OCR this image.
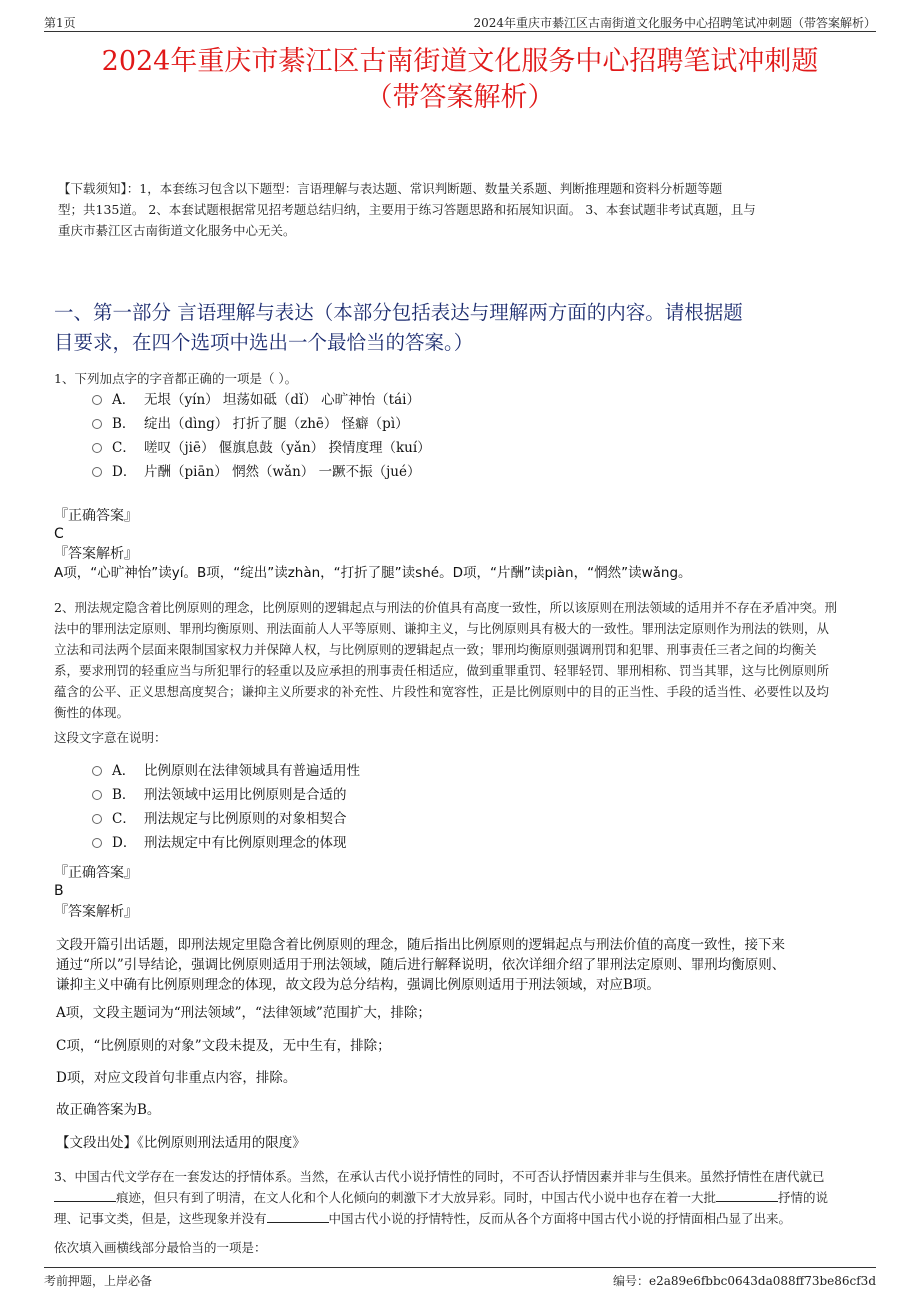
第1页	2024年重庆市綦江区古南街道文化服务中心招聘笔试冲刺题（带答案解析）
2024年重庆市綦江区古南街道文化服务中心招聘笔试冲刺题
（带答案解析）
【下载须知】：1，本套练习包含以下题型：言语理解与表达题、常识判断题、数量关系题、判断推理题和资料分析题等题
型；共135道。 2、本套试题根据常见招考题总结归纳，主要用于练习答题思路和拓展知识面。 3、本套试题非考试真题，且与
重庆市綦江区古南街道文化服务中心无关。
一、第一部分 言语理解与表达（本部分包括表达与理解两方面的内容。请根据题
目要求，在四个选项中选出一个最恰当的答案。）
1、下列加点字的字音都正确的一项是（ ）。
A． 无垠（yín） 坦荡如砥（dǐ） 心旷神怡（tái）
B． 绽出（dìng） 打折了腿（zhē） 怪癖（pì）
C． 嗟叹（jiē） 偃旗息鼓（yǎn） 揆情度理（kuí）
D． 片酬（piān） 惘然（wǎn） 一蹶不振（jué）
『正确答案』
C
『答案解析』
A项，“心旷神怡”读yí。B项，“绽出”读zhàn，“打折了腿”读shé。D项，“片酬”读piàn，“惘然”读wǎng。
2、刑法规定隐含着比例原则的理念，比例原则的逻辑起点与刑法的价值具有高度一致性，所以该原则在刑法领域的适用并不存在矛盾冲突。刑
法中的罪刑法定原则、罪刑均衡原则、刑法面前人人平等原则、谦抑主义，与比例原则具有极大的一致性。罪刑法定原则作为刑法的铁则，从
立法和司法两个层面来限制国家权力并保障人权，与比例原则的逻辑起点一致；罪刑均衡原则强调刑罚和犯罪、刑事责任三者之间的均衡关
系，要求刑罚的轻重应当与所犯罪行的轻重以及应承担的刑事责任相适应，做到重罪重罚、轻罪轻罚、罪刑相称、罚当其罪，这与比例原则所
蕴含的公平、正义思想高度契合；谦抑主义所要求的补充性、片段性和宽容性，正是比例原则中的目的正当性、手段的适当性、必要性以及均
衡性的体现。
这段文字意在说明：
A． 比例原则在法律领域具有普遍适用性
B． 刑法领域中运用比例原则是合适的
C． 刑法规定与比例原则的对象相契合
D． 刑法规定中有比例原则理念的体现
『正确答案』
B
『答案解析』
文段开篇引出话题，即刑法规定里隐含着比例原则的理念，随后指出比例原则的逻辑起点与刑法价值的高度一致性，接下来
通过“所以”引导结论，强调比例原则适用于刑法领域，随后进行解释说明，依次详细介绍了罪刑法定原则、罪刑均衡原则、
谦抑主义中确有比例原则理念的体现，故文段为总分结构，强调比例原则适用于刑法领域，对应B项。
A项，文段主题词为“刑法领域”，“法律领域”范围扩大，排除；
C项，“比例原则的对象”文段未提及，无中生有，排除；
D项，对应文段首句非重点内容，排除。
故正确答案为B。
【文段出处】《比例原则刑法适用的限度》
3、中国古代文学存在一套发达的抒情体系。当然，在承认古代小说抒情性的同时，不可否认抒情因素并非与生俱来。虽然抒情性在唐代就已
痕迹，但只有到了明清，在文人化和个人化倾向的刺激下才大放异彩。同时，中国古代小说中也存在着一大批	抒情的说
理、记事文类，但是，这些现象并没有	中国古代小说的抒情特性，反而从各个方面将中国古代小说的抒情面相凸显了出来。
依次填入画横线部分最恰当的一项是：
考前押题，上岸必备	编号：e2a89e6fbbc0643da088ff73be86cf3d
